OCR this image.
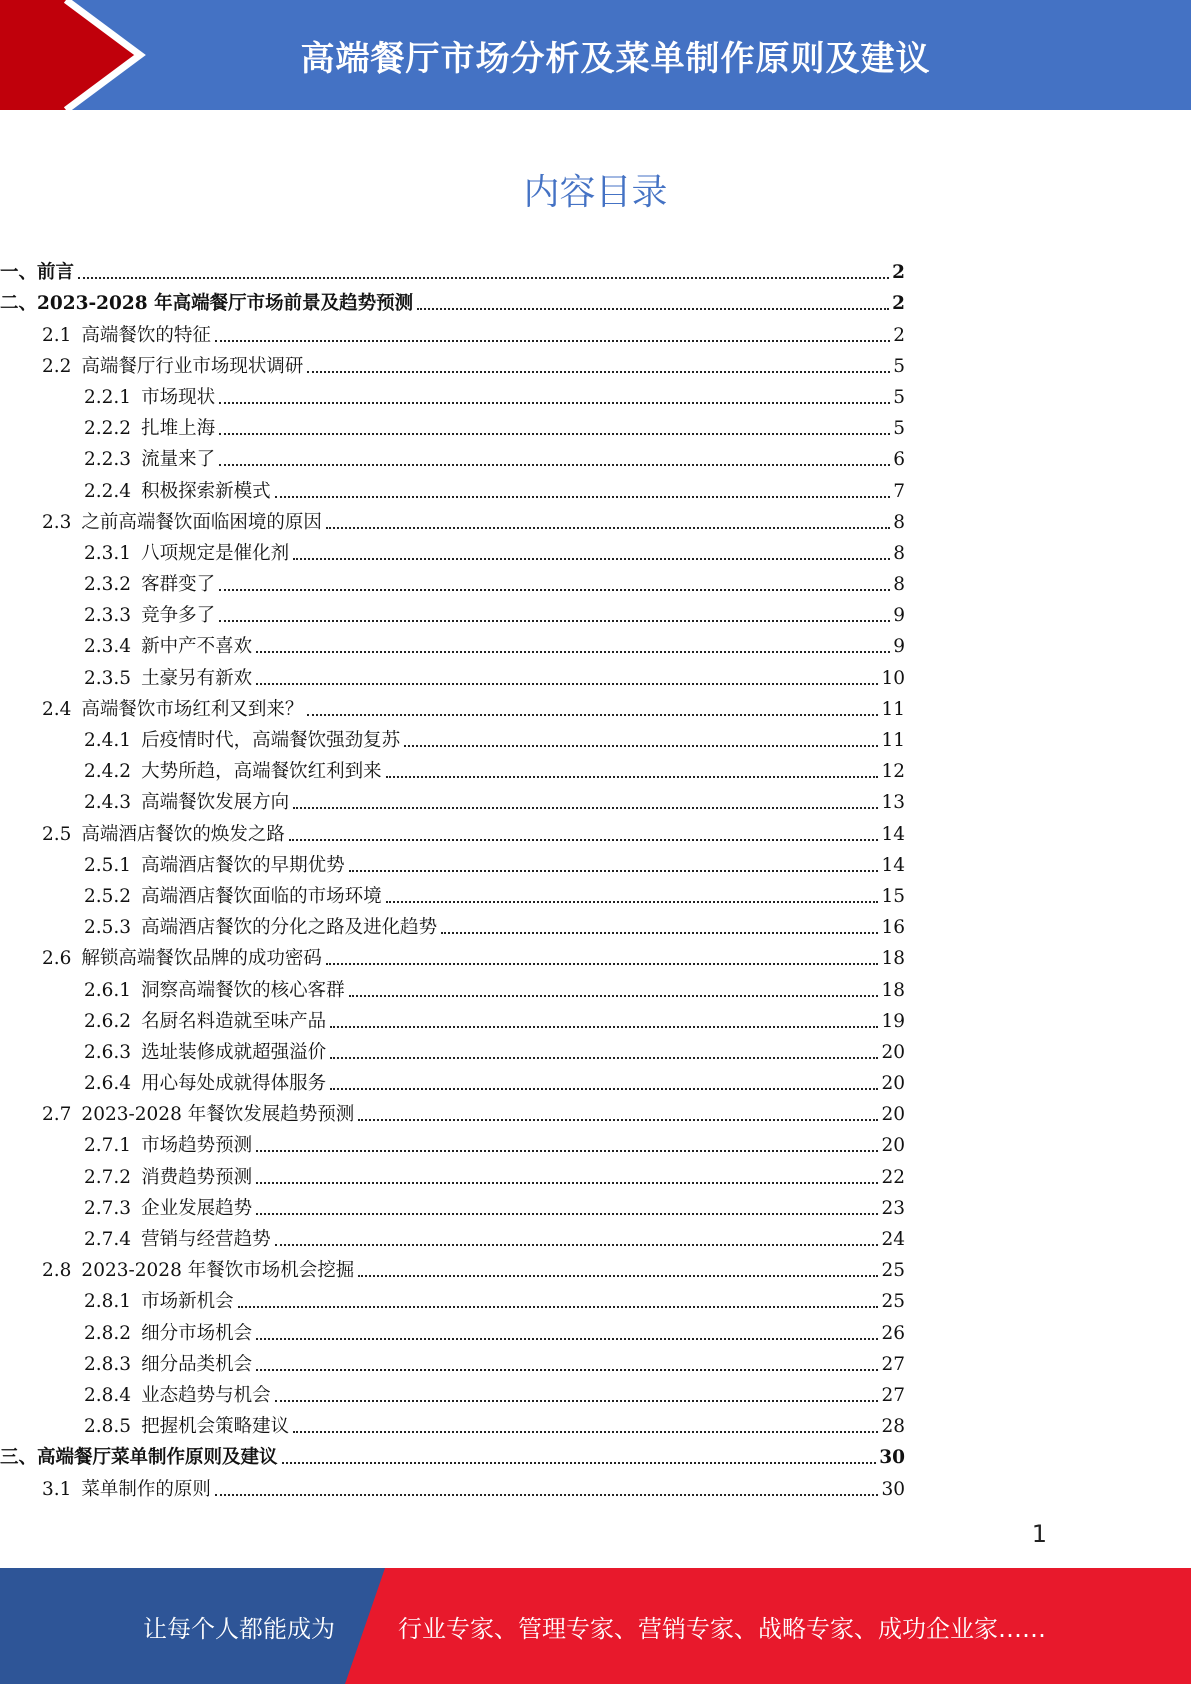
高端餐厅市场分析及菜单制作原则及建议
内容目录
一、前言	2
二、2023-2028 年高端餐厅市场前景及趋势预测	2
2.1 高端餐饮的特征	2
2.2 高端餐厅行业市场现状调研	5
2.2.1 市场现状	5
2.2.2 扎堆上海	5
2.2.3 流量来了	6
2.2.4 积极探索新模式	7
2.3 之前高端餐饮面临困境的原因	8
2.3.1 八项规定是催化剂	8
2.3.2 客群变了	8
2.3.3 竞争多了	9
2.3.4 新中产不喜欢	9
2.3.5 土豪另有新欢	10
2.4 高端餐饮市场红利又到来？	11
2.4.1 后疫情时代，高端餐饮强劲复苏	11
2.4.2 大势所趋，高端餐饮红利到来	12
2.4.3 高端餐饮发展方向	13
2.5 高端酒店餐饮的焕发之路	14
2.5.1 高端酒店餐饮的早期优势	14
2.5.2 高端酒店餐饮面临的市场环境	15
2.5.3 高端酒店餐饮的分化之路及进化趋势	16
2.6 解锁高端餐饮品牌的成功密码	18
2.6.1 洞察高端餐饮的核心客群	18
2.6.2 名厨名料造就至味产品	19
2.6.3 选址装修成就超强溢价	20
2.6.4 用心每处成就得体服务	20
2.7 2023-2028 年餐饮发展趋势预测	20
2.7.1 市场趋势预测	20
2.7.2 消费趋势预测	22
2.7.3 企业发展趋势	23
2.7.4 营销与经营趋势	24
2.8 2023-2028 年餐饮市场机会挖掘	25
2.8.1 市场新机会	25
2.8.2 细分市场机会	26
2.8.3 细分品类机会	27
2.8.4 业态趋势与机会	27
2.8.5 把握机会策略建议	28
三、高端餐厅菜单制作原则及建议	30
3.1 菜单制作的原则	30
1
让每个人都能成为	行业专家、管理专家、营销专家、战略专家、成功企业家……
